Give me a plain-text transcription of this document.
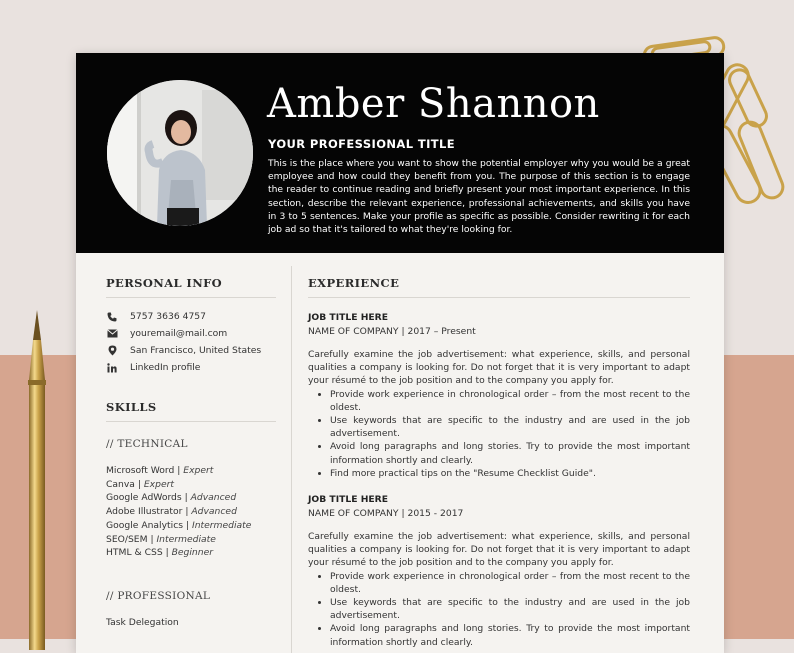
Amber Shannon
YOUR PROFESSIONAL TITLE
This is the place where you want to show the potential employer why you would be a great employee and how could they benefit from you. The purpose of this section is to engage the reader to continue reading and briefly present your most important experience. In this section, describe the relevant experience, professional achievements, and skills you have in 3 to 5 sentences. Make your profile as specific as possible. Consider rewriting it for each job ad so that it's tailored to what they're looking for.
PERSONAL INFO
5757 3636 4757
youremail@mail.com
San Francisco, United States
LinkedIn profile
SKILLS
// TECHNICAL
Microsoft Word | Expert
Canva | Expert
Google AdWords | Advanced
Adobe Illustrator | Advanced
Google Analytics | Intermediate
SEO/SEM | Intermediate
HTML & CSS | Beginner
// PROFESSIONAL
Task Delegation
EXPERIENCE
JOB TITLE HERE
NAME OF COMPANY | 2017 – Present
Carefully examine the job advertisement: what experience, skills, and personal qualities a company is looking for. Do not forget that it is very important to adapt your résumé to the job position and to the company you apply for.
• Provide work experience in chronological order – from the most recent to the oldest.
• Use keywords that are specific to the industry and are used in the job advertisement.
• Avoid long paragraphs and long stories. Try to provide the most important information shortly and clearly.
• Find more practical tips on the "Resume Checklist Guide".
JOB TITLE HERE
NAME OF COMPANY | 2015 - 2017
Carefully examine the job advertisement: what experience, skills, and personal qualities a company is looking for. Do not forget that it is very important to adapt your résumé to the job position and to the company you apply for.
• Provide work experience in chronological order – from the most recent to the oldest.
• Use keywords that are specific to the industry and are used in the job advertisement.
• Avoid long paragraphs and long stories. Try to provide the most important information shortly and clearly.
